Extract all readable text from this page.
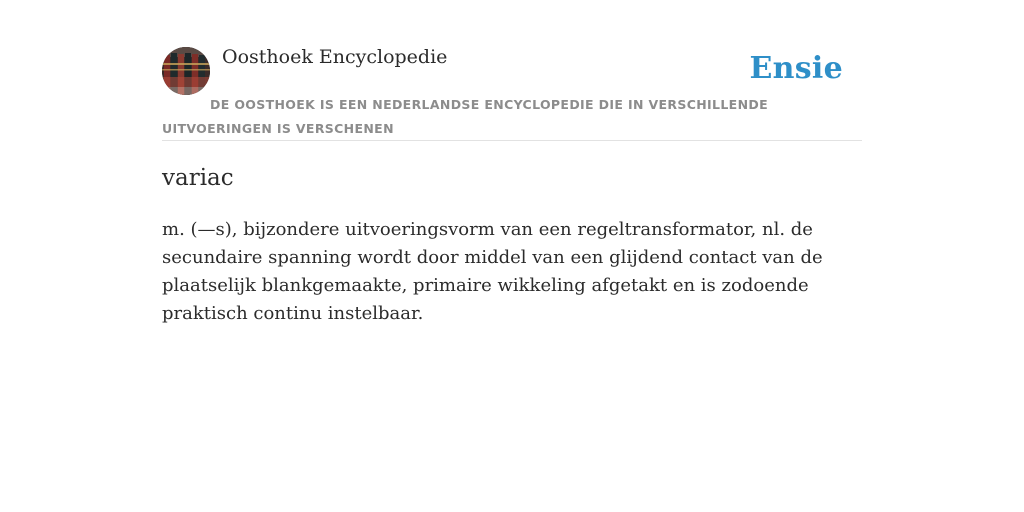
Oosthoek Encyclopedie	Ensie
DE OOSTHOEK IS EEN NEDERLANDSE ENCYCLOPEDIE DIE IN VERSCHILLENDE UITVOERINGEN IS VERSCHENEN
variac

m. (—s), bijzondere uitvoeringsvorm van een regeltransformator, nl. de secundaire spanning wordt door middel van een glijdend contact van de plaatselijk blankgemaakte, primaire wikkeling afgetakt en is zodoende praktisch continu instelbaar.
